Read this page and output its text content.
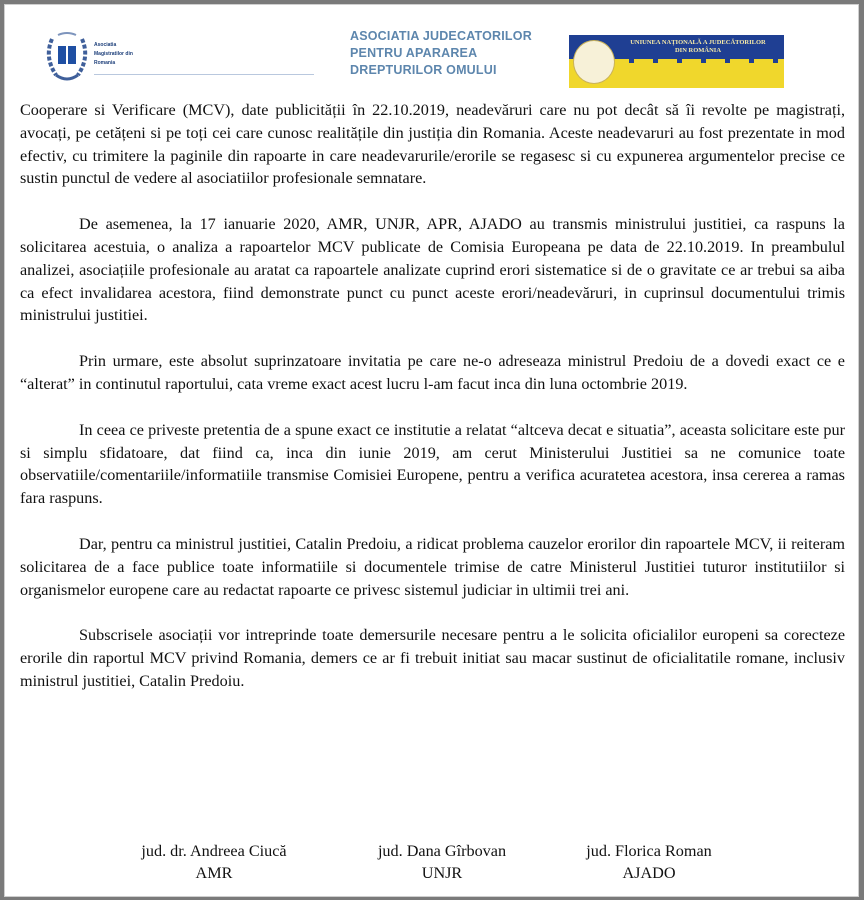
Asociatia
Magistratilor din
Romania
ASOCIATIA JUDECATORILOR
PENTRU APARAREA
DREPTURILOR OMULUI
UNIUNEA NAȚIONALĂ A JUDECĂTORILOR
DIN ROMÂNIA

Cooperare si Verificare (MCV), date publicității în 22.10.2019, neadevăruri care nu pot decât să îi revolte pe magistrați, avocați, pe cetățeni si pe toți cei care cunosc realitățile din justiția din Romania. Aceste neadevaruri au fost prezentate in mod efectiv, cu trimitere la paginile din rapoarte in care neadevarurile/erorile se regasesc si cu expunerea argumentelor precise ce sustin punctul de vedere al asociatiilor profesionale semnatare.

De asemenea, la 17 ianuarie 2020, AMR, UNJR, APR, AJADO au transmis ministrului justitiei, ca raspuns la solicitarea acestuia, o analiza a rapoartelor MCV publicate de Comisia Europeana pe data de 22.10.2019. In preambulul analizei, asociațiile profesionale au aratat ca rapoartele analizate cuprind erori sistematice si de o gravitate ce ar trebui sa aiba ca efect invalidarea acestora, fiind demonstrate punct cu punct aceste erori/neadevăruri, in cuprinsul documentului trimis ministrului justitiei.

Prin urmare, este absolut suprinzatoare invitatia pe care ne-o adreseaza ministrul Predoiu de a dovedi exact ce e “alterat” in continutul raportului, cata vreme exact acest lucru l-am facut inca din luna octombrie 2019.

In ceea ce priveste pretentia de a spune exact ce institutie a relatat “altceva decat e situatia”, aceasta solicitare este pur si simplu sfidatoare, dat fiind ca, inca din iunie 2019, am cerut Ministerului Justitiei sa ne comunice toate observatiile/comentariile/informatiile transmise Comisiei Europene, pentru a verifica acuratetea acestora, insa cererea a ramas fara raspuns.

Dar, pentru ca ministrul justitiei, Catalin Predoiu, a ridicat problema cauzelor erorilor din rapoartele MCV, ii reiteram solicitarea de a face publice toate informatiile si documentele trimise de catre Ministerul Justitiei tuturor institutiilor si organismelor europene care au redactat rapoarte ce privesc sistemul judiciar in ultimii trei ani.

Subscrisele asociații vor intreprinde toate demersurile necesare pentru a le solicita oficialilor europeni sa corecteze erorile din raportul MCV privind Romania, demers ce ar fi trebuit initiat sau macar sustinut de oficialitatile romane, inclusiv ministrul justitiei, Catalin Predoiu.

jud. dr. Andreea Ciucă
AMR
jud. Dana Gîrbovan
UNJR
jud. Florica Roman
AJADO
